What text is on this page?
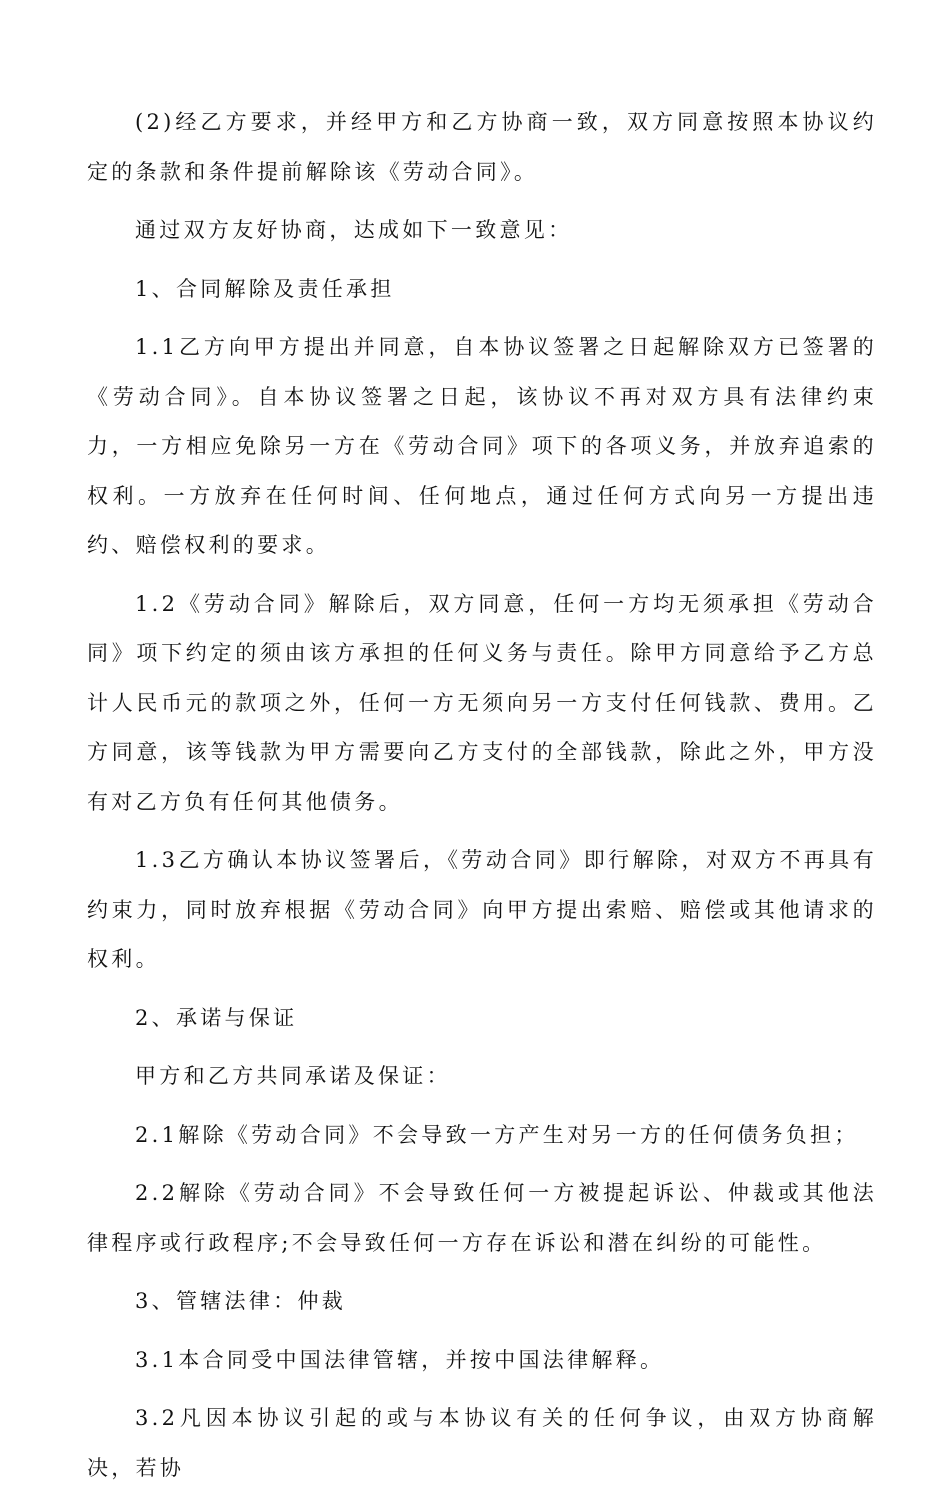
(2)经乙方要求，并经甲方和乙方协商一致，双方同意按照本协议约定的条款和条件提前解除该《劳动合同》。

通过双方友好协商，达成如下一致意见：

1、合同解除及责任承担

1.1乙方向甲方提出并同意，自本协议签署之日起解除双方已签署的《劳动合同》。自本协议签署之日起，该协议不再对双方具有法律约束力，一方相应免除另一方在《劳动合同》项下的各项义务，并放弃追索的权利。一方放弃在任何时间、任何地点，通过任何方式向另一方提出违约、赔偿权利的要求。

1.2《劳动合同》解除后，双方同意，任何一方均无须承担《劳动合同》项下约定的须由该方承担的任何义务与责任。除甲方同意给予乙方总计人民币元的款项之外，任何一方无须向另一方支付任何钱款、费用。乙方同意，该等钱款为甲方需要向乙方支付的全部钱款，除此之外，甲方没有对乙方负有任何其他债务。

1.3乙方确认本协议签署后，《劳动合同》即行解除，对双方不再具有约束力，同时放弃根据《劳动合同》向甲方提出索赔、赔偿或其他请求的权利。

2、承诺与保证

甲方和乙方共同承诺及保证：

2.1解除《劳动合同》不会导致一方产生对另一方的任何债务负担；

2.2解除《劳动合同》不会导致任何一方被提起诉讼、仲裁或其他法律程序或行政程序;不会导致任何一方存在诉讼和潜在纠纷的可能性。

3、管辖法律：仲裁

3.1本合同受中国法律管辖，并按中国法律解释。

3.2凡因本协议引起的或与本协议有关的任何争议，由双方协商解决，若协
